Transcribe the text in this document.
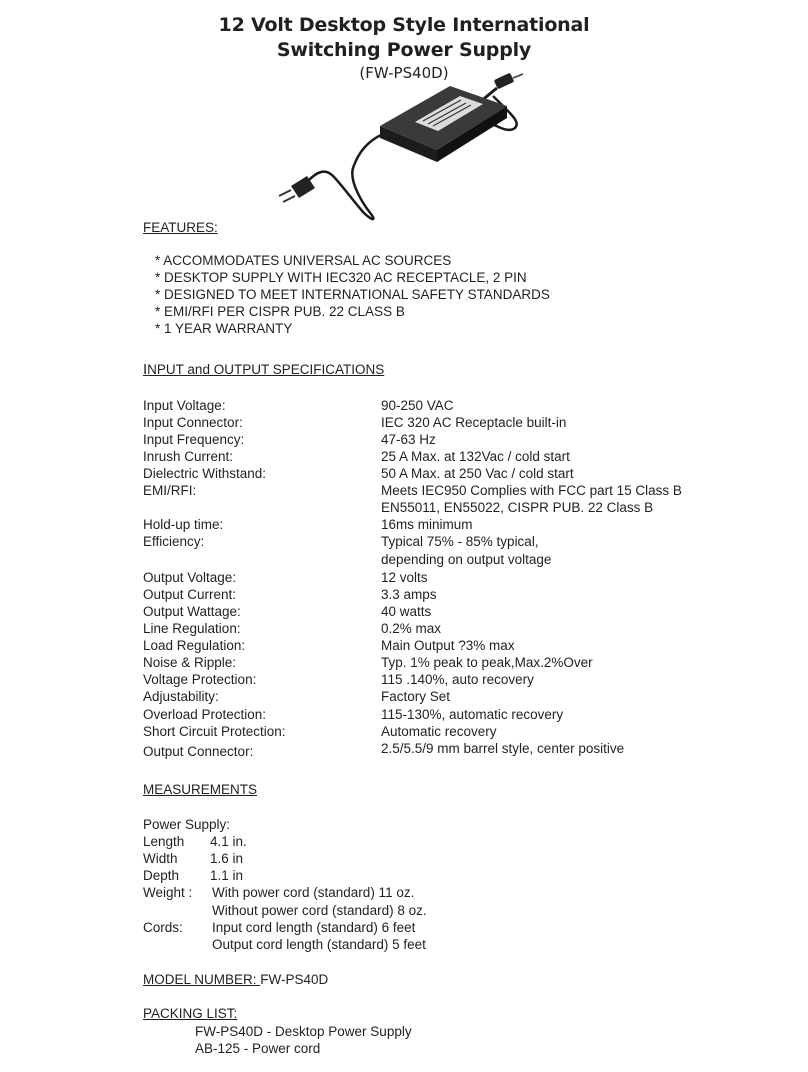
12 Volt Desktop Style International
Switching Power Supply
(FW-PS40D)
FEATURES:
* ACCOMMODATES UNIVERSAL AC SOURCES
* DESKTOP SUPPLY WITH IEC320 AC RECEPTACLE, 2 PIN
* DESIGNED TO MEET INTERNATIONAL SAFETY STANDARDS
* EMI/RFI PER CISPR PUB. 22 CLASS B
* 1 YEAR WARRANTY
INPUT and OUTPUT SPECIFICATIONS
Input Voltage:	90-250 VAC
Input Connector:	IEC 320 AC Receptacle built-in
Input Frequency:	47-63 Hz
Inrush Current:	25 A Max. at 132Vac / cold start
Dielectric Withstand:	50 A Max. at 250 Vac / cold start
EMI/RFI:	Meets IEC950 Complies with FCC part 15 Class B
EN55011, EN55022, CISPR PUB. 22 Class B
Hold-up time:	16ms minimum
Efficiency:	Typical 75% - 85% typical,
depending on output voltage
Output Voltage:	12 volts
Output Current:	3.3 amps
Output Wattage:	40 watts
Line Regulation:	0.2% max
Load Regulation:	Main Output ?3% max
Noise & Ripple:	Typ. 1% peak to peak,Max.2%Over
Voltage Protection:	115 .140%, auto recovery
Adjustability:	Factory Set
Overload Protection:	115-130%, automatic recovery
Short Circuit Protection:	Automatic recovery
Output Connector:	2.5/5.5/9 mm barrel style, center positive
MEASUREMENTS
Power Supply:
Length 4.1 in.
Width 1.6 in
Depth 1.1 in
Weight : With power cord (standard) 11 oz.
Without power cord (standard) 8 oz.
Cords: Input cord length (standard) 6 feet
Output cord length (standard) 5 feet
MODEL NUMBER: FW-PS40D
PACKING LIST:
FW-PS40D - Desktop Power Supply
AB-125 - Power cord
